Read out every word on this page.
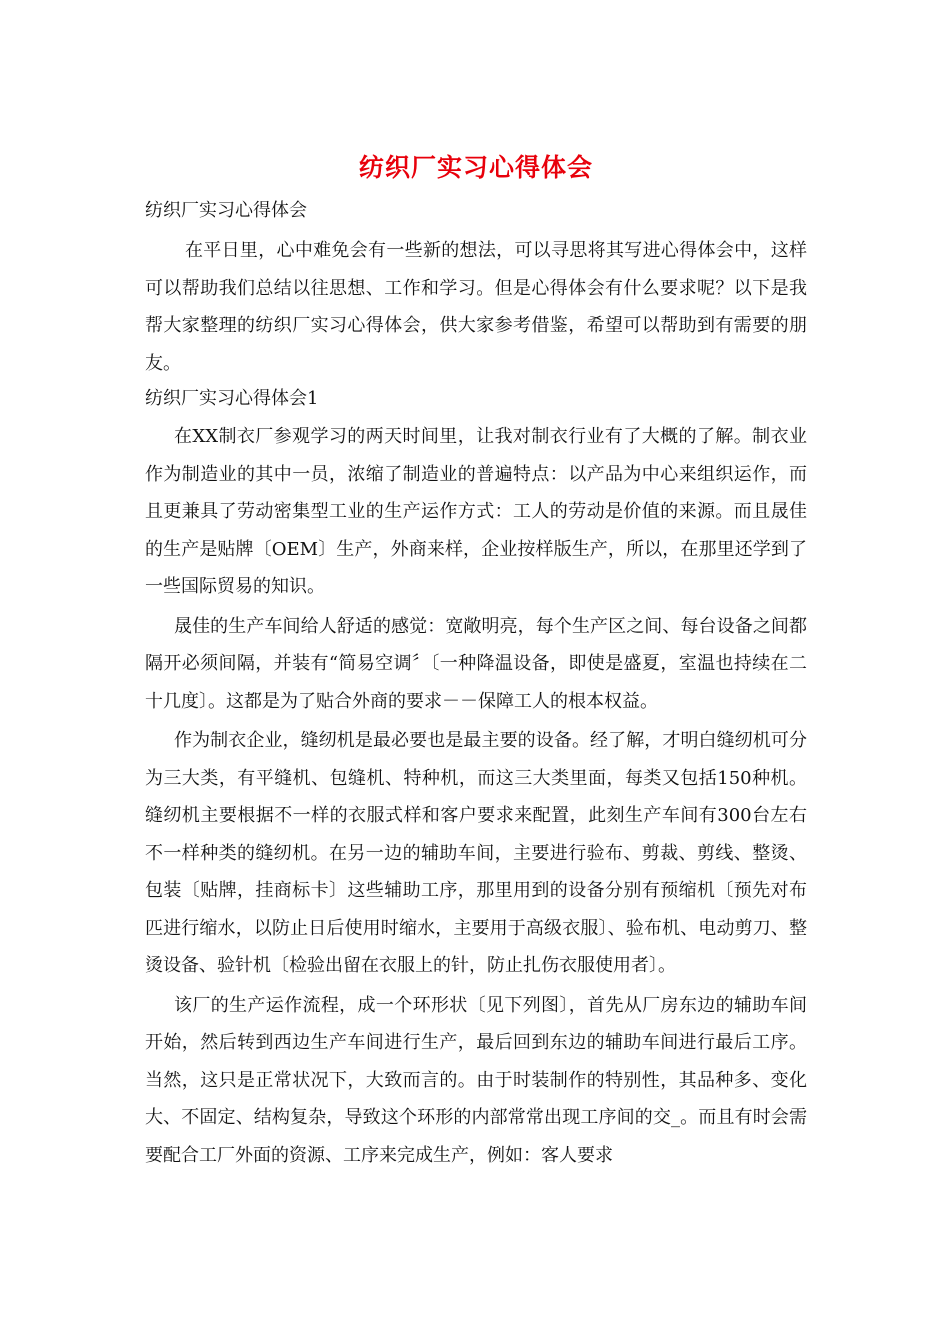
纺织厂实习心得体会
纺织厂实习心得体会

在平日里，心中难免会有一些新的想法，可以寻思将其写进心得体会中，这样可以帮助我们总结以往思想、工作和学习。但是心得体会有什么要求呢？以下是我帮大家整理的纺织厂实习心得体会，供大家参考借鉴，希望可以帮助到有需要的朋友。

纺织厂实习心得体会1

在XX制衣厂参观学习的两天时间里，让我对制衣行业有了大概的了解。制衣业作为制造业的其中一员，浓缩了制造业的普遍特点：以产品为中心来组织运作，而且更兼具了劳动密集型工业的生产运作方式：工人的劳动是价值的来源。而且晟佳的生产是贴牌〔OEM〕生产，外商来样，企业按样版生产，所以，在那里还学到了一些国际贸易的知识。

晟佳的生产车间给人舒适的感觉：宽敞明亮，每个生产区之间、每台设备之间都隔开必须间隔，并装有“简易空调〞〔一种降温设备，即使是盛夏，室温也持续在二十几度〕。这都是为了贴合外商的要求－－保障工人的根本权益。

作为制衣企业，缝纫机是最必要也是最主要的设备。经了解，才明白缝纫机可分为三大类，有平缝机、包缝机、特种机，而这三大类里面，每类又包括150种机。缝纫机主要根据不一样的衣服式样和客户要求来配置，此刻生产车间有300台左右不一样种类的缝纫机。在另一边的辅助车间，主要进行验布、剪裁、剪线、整烫、包装〔贴牌，挂商标卡〕这些辅助工序，那里用到的设备分别有预缩机〔预先对布匹进行缩水，以防止日后使用时缩水，主要用于高级衣服〕、验布机、电动剪刀、整烫设备、验针机〔检验出留在衣服上的针，防止扎伤衣服使用者〕。

该厂的生产运作流程，成一个环形状〔见下列图〕，首先从厂房东边的辅助车间开始，然后转到西边生产车间进行生产，最后回到东边的辅助车间进行最后工序。当然，这只是正常状况下，大致而言的。由于时装制作的特别性，其品种多、变化大、不固定、结构复杂，导致这个环形的内部常常出现工序间的交_。而且有时会需要配合工厂外面的资源、工序来完成生产，例如：客人要求
